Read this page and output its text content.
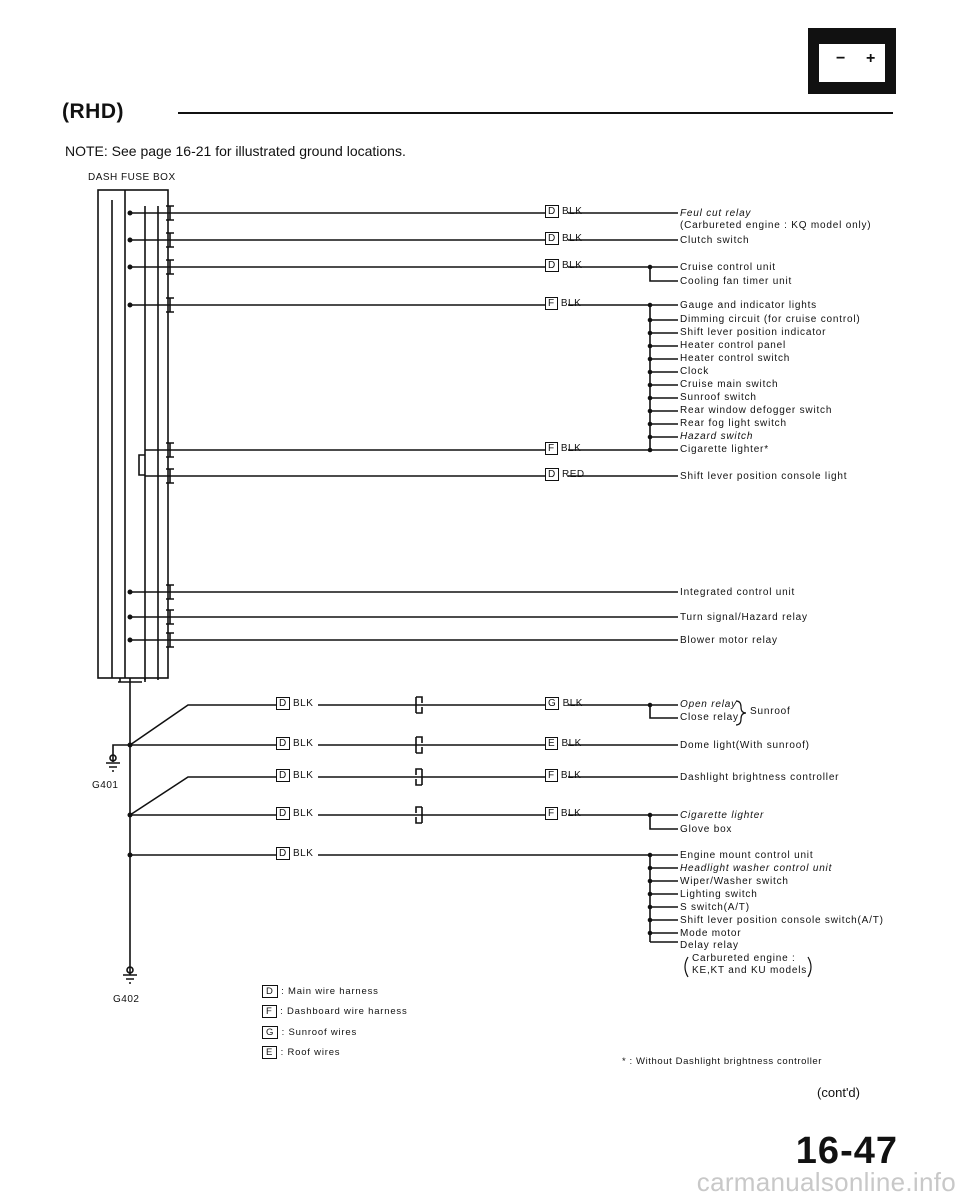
− +
(RHD)
NOTE: See page 16-21 for illustrated ground locations.
DASH FUSE BOX
D BLK
D BLK
D BLK
F BLK
F BLK
D RED
Feul cut relay
(Carbureted engine : KQ model only)
Clutch switch
Cruise control unit
Cooling fan timer unit
Gauge and indicator lights
Dimming circuit (for cruise control)
Shift lever position indicator
Heater control panel
Heater control switch
Clock
Cruise main switch
Sunroof switch
Rear window defogger switch
Rear fog light switch
Hazard switch
Cigarette lighter*
Shift lever position console light
Integrated control unit
Turn signal/Hazard relay
Blower motor relay
D BLK
D BLK
D BLK
D BLK
D BLK
G BLK
E BLK
F BLK
F BLK
Open relay
Close relay
Sunroof
Dome light(With sunroof)
Dashlight brightness controller
Cigarette lighter
Glove box
Engine mount control unit
Headlight washer control unit
Wiper/Washer switch
Lighting switch
S switch(A/T)
Shift lever position console switch(A/T)
Mode motor
Delay relay
Carbureted engine :
KE,KT and KU models
G401
G402
D : Main wire harness
F : Dashboard wire harness
G : Sunroof wires
E : Roof wires
* : Without Dashlight brightness controller
(cont'd)
16-47
carmanualsonline.info
